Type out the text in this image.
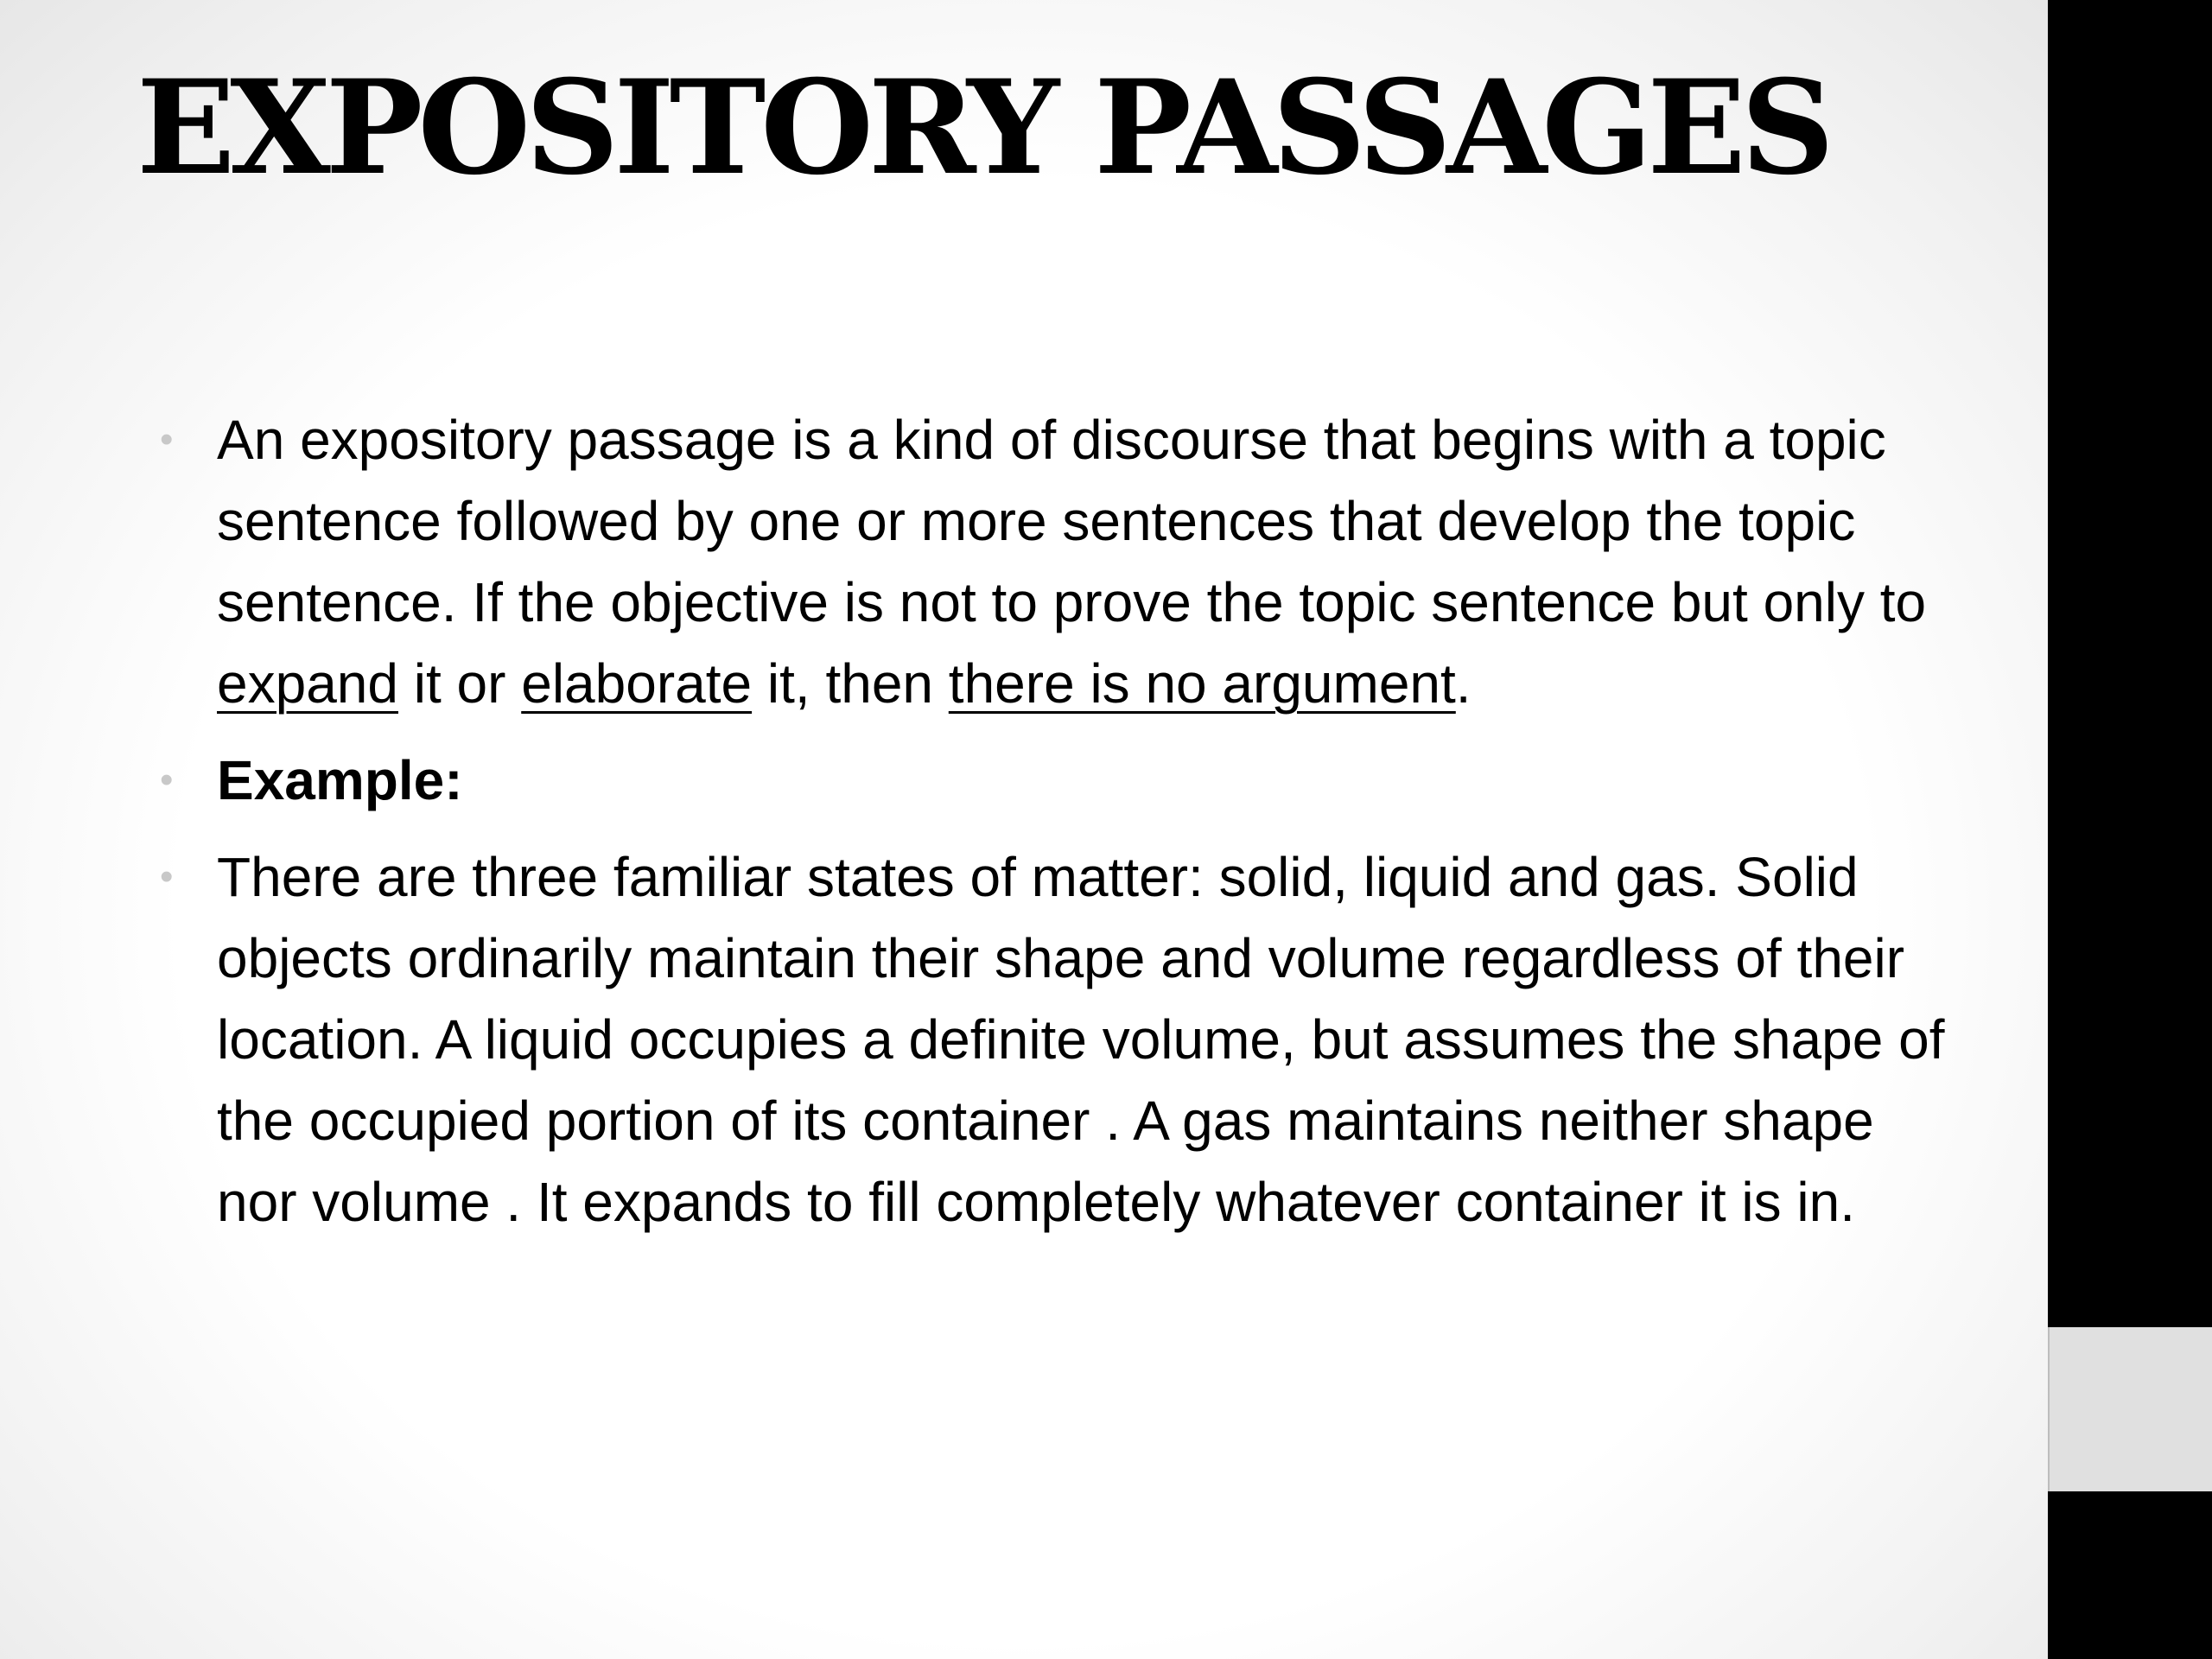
EXPOSITORY PASSAGES
• An expository passage is a kind of discourse that begins with a topic sentence followed by one or more sentences that develop the topic sentence. If the objective is not to prove the topic sentence but only to expand it or elaborate it, then there is no argument.
• Example:
• There are three familiar states of matter: solid, liquid and gas. Solid objects ordinarily maintain their shape and volume regardless of their location. A liquid occupies a definite volume, but assumes the shape of the occupied portion of its container . A gas maintains neither shape nor volume . It expands to fill completely whatever container it is in.
